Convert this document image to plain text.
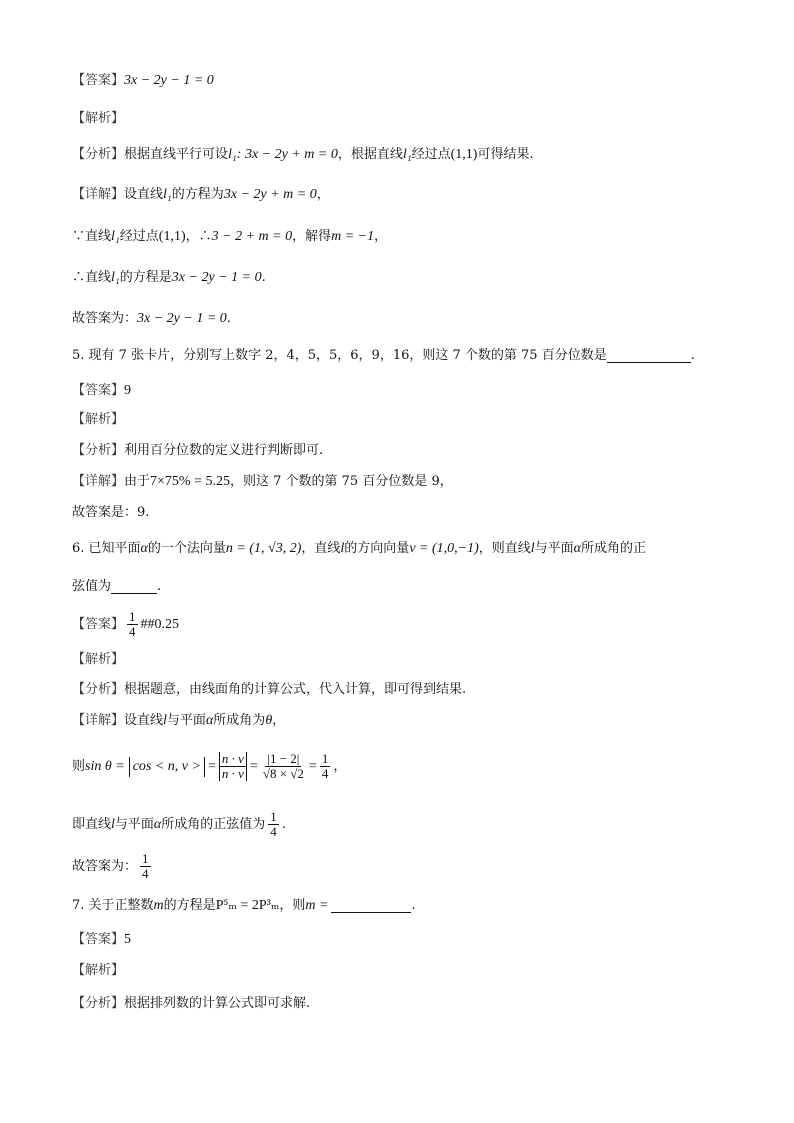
【答案】 3x − 2y − 1 = 0
【解析】
【分析】 根据直线平行可设 l₁ : 3x − 2y + m = 0 ，根据直线 l₁ 经过点 (1,1) 可得结果.
【详解】 设直线 l₁ 的方程为 3x − 2y + m = 0 ，
∵直线 l₁ 经过点 (1,1) ，∴ 3 − 2 + m = 0 ，解得 m = −1 ，
∴直线 l₁ 的方程是 3x − 2y − 1 = 0 .
故答案为： 3x − 2y − 1 = 0 .
5. 现有 7 张卡片，分别写上数字 2，4，5，5，6，9，16，则这 7 个数的第 75 百分位数是	.
【答案】 9
【解析】
【分析】 利用百分位数的定义进行判断即可.
【详解】 由于 7×75% = 5.25 ，则这 7 个数的第 75 百分位数是 9，
故答案是：9.
6. 已知平面 α 的一个法向量 n = (1, √3, 2) ，直线 l 的方向向量 v = (1,0,−1) ，则直线 l 与平面 α 所成角的正
弦值为	.
【答案】 $\frac{1}{4}$ ##0.25
【解析】
【分析】 根据题意，由线面角的计算公式，代入计算，即可得到结果.
【详解】 设直线 l 与平面 α 所成角为 θ ，
则 sin θ = cos < n, v > = $\frac{n \cdot v}{n \cdot v} = \frac{|1 - 2|}{√8 \times √2} = \frac{1}{4}$ ，
即直线 l 与平面 α 所成角的正弦值为 $\frac{1}{4}$ .
故答案为： $\frac{1}{4}$
7. 关于正整数 m 的方程是 P⁵ₘ = 2P³ₘ ，则 m =	.
【答案】 5
【解析】
【分析】 根据排列数的计算公式即可求解.
